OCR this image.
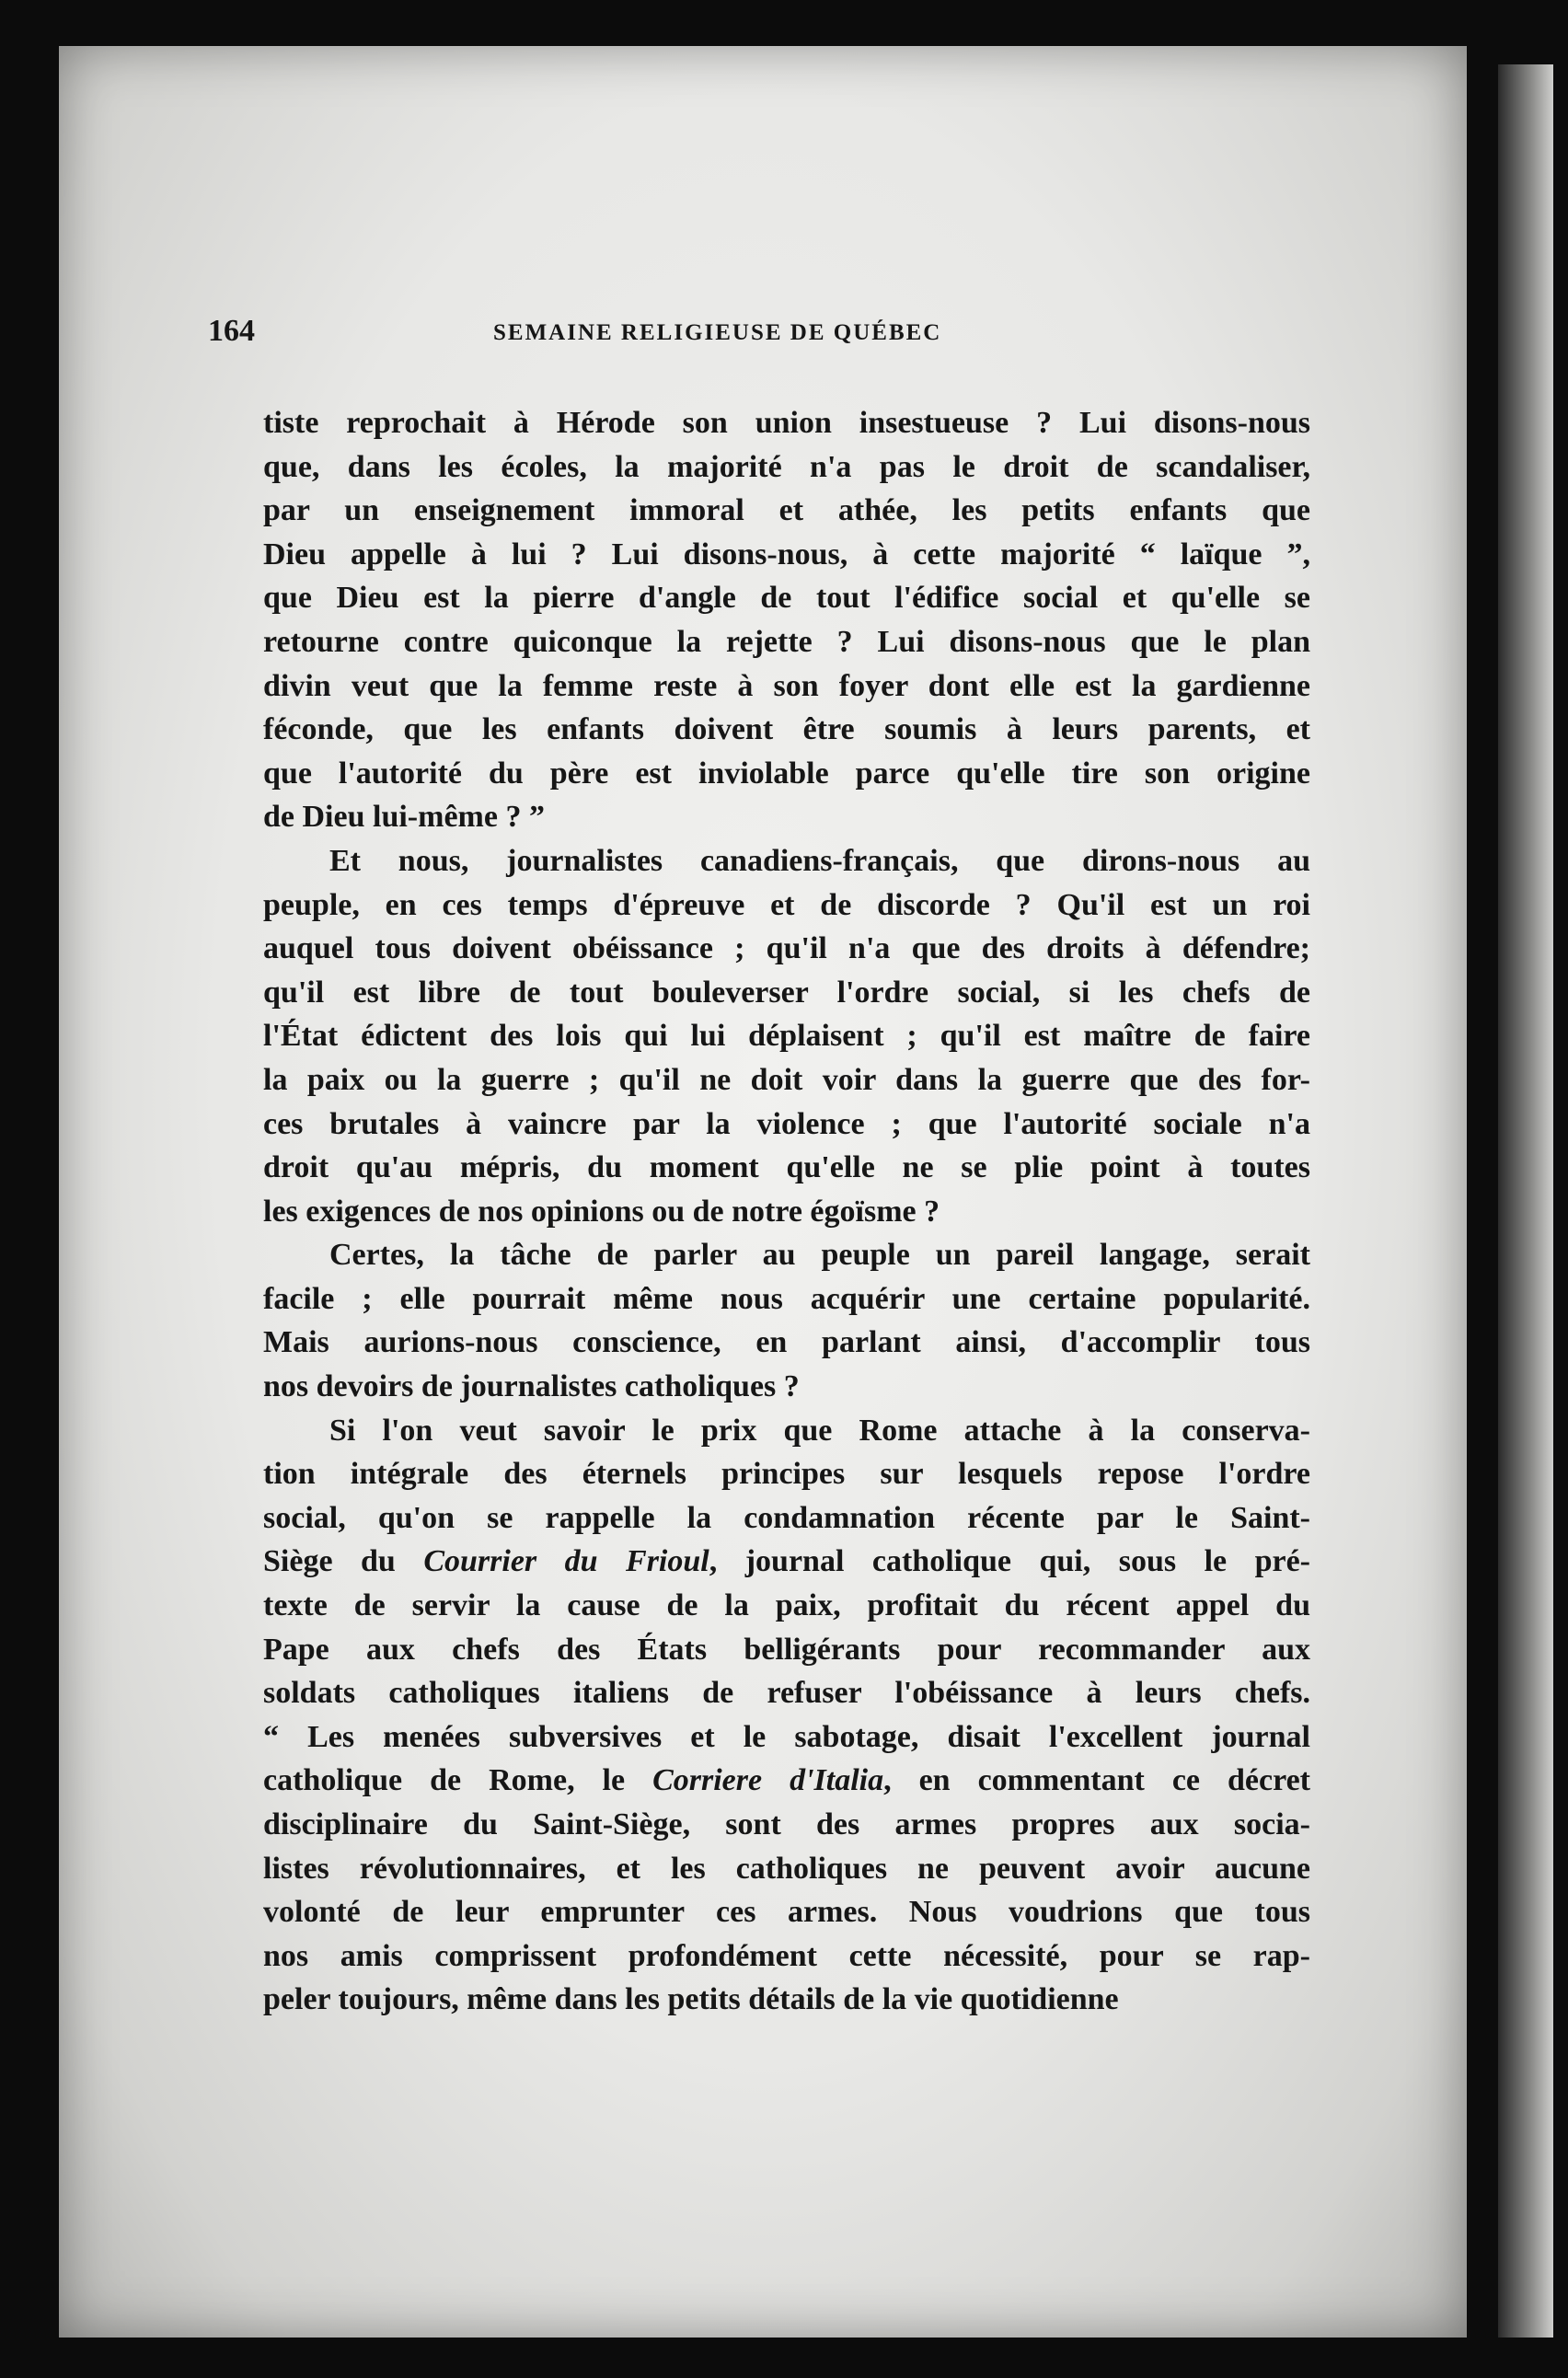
164	SEMAINE RELIGIEUSE DE QUÉBEC

tiste reprochait à Hérode son union insestueuse ? Lui disons-nous
que, dans les écoles, la majorité n'a pas le droit de scandaliser,
par un enseignement immoral et athée, les petits enfants que
Dieu appelle à lui ? Lui disons-nous, à cette majorité “ laïque ”,
que Dieu est la pierre d'angle de tout l'édifice social et qu'elle se
retourne contre quiconque la rejette ? Lui disons-nous que le plan
divin veut que la femme reste à son foyer dont elle est la gardienne
féconde, que les enfants doivent être soumis à leurs parents, et
que l'autorité du père est inviolable parce qu'elle tire son origine
de Dieu lui-même ? ”

Et nous, journalistes canadiens-français, que dirons-nous au
peuple, en ces temps d'épreuve et de discorde ? Qu'il est un roi
auquel tous doivent obéissance ; qu'il n'a que des droits à défendre;
qu'il est libre de tout bouleverser l'ordre social, si les chefs de
l'État édictent des lois qui lui déplaisent ; qu'il est maître de faire
la paix ou la guerre ; qu'il ne doit voir dans la guerre que des for-
ces brutales à vaincre par la violence ; que l'autorité sociale n'a
droit qu'au mépris, du moment qu'elle ne se plie point à toutes
les exigences de nos opinions ou de notre égoïsme ?

Certes, la tâche de parler au peuple un pareil langage, serait
facile ; elle pourrait même nous acquérir une certaine popularité.
Mais aurions-nous conscience, en parlant ainsi, d'accomplir tous
nos devoirs de journalistes catholiques ?

Si l'on veut savoir le prix que Rome attache à la conserva-
tion intégrale des éternels principes sur lesquels repose l'ordre
social, qu'on se rappelle la condamnation récente par le Saint-
Siège du Courrier du Frioul, journal catholique qui, sous le pré-
texte de servir la cause de la paix, profitait du récent appel du
Pape aux chefs des États belligérants pour recommander aux
soldats catholiques italiens de refuser l'obéissance à leurs chefs.
“ Les menées subversives et le sabotage, disait l'excellent journal
catholique de Rome, le Corriere d'Italia, en commentant ce décret
disciplinaire du Saint-Siège, sont des armes propres aux socia-
listes révolutionnaires, et les catholiques ne peuvent avoir aucune
volonté de leur emprunter ces armes. Nous voudrions que tous
nos amis comprissent profondément cette nécessité, pour se rap-
peler toujours, même dans les petits détails de la vie quotidienne
